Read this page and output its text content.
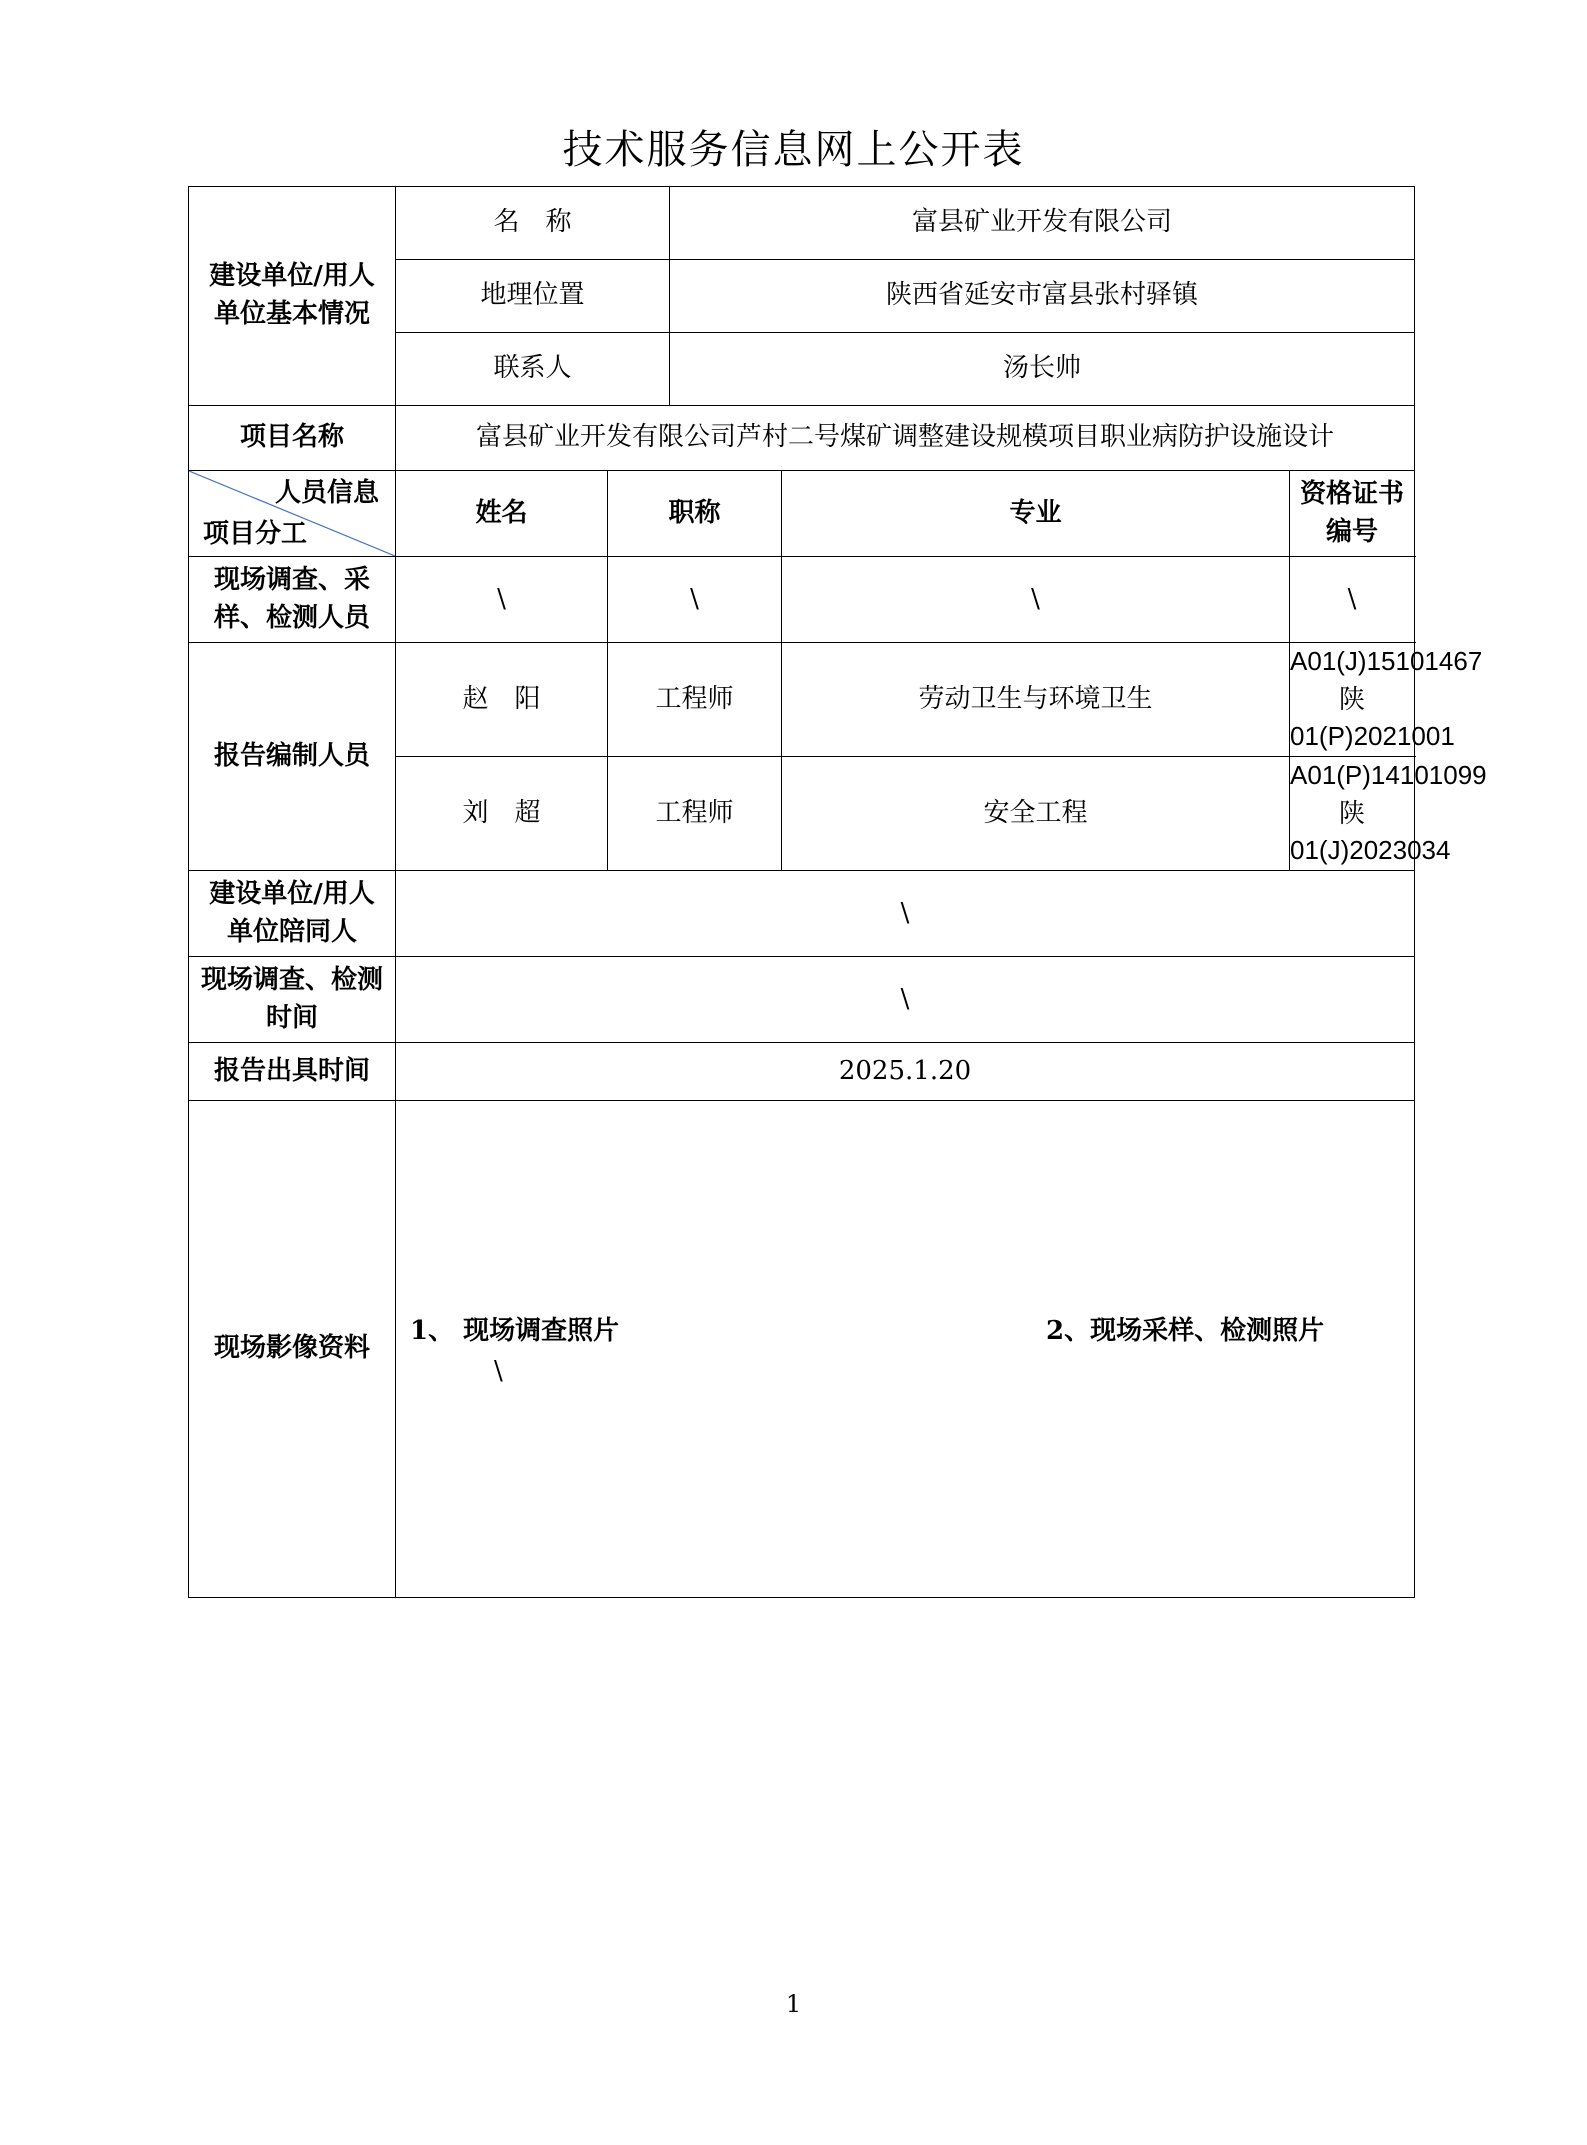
技术服务信息网上公开表
建设单位/用人单位基本情况	名　称		富县矿业开发有限公司		
	地理位置		陕西省延安市富县张村驿镇		
	联系人		汤长帅		
项目名称	富县矿业开发有限公司芦村二号煤矿调整建设规模项目职业病防护设施设计				

人员信息
项目分工	姓名	职称		专业	资格证书编号

现场调查、采样、检测人员	\	\		\	\
报告编制人员	赵　阳	工程师		劳动卫生与环境卫生	A01(J)15101467
陕 01(P)2021001

	刘　超	工程师		安全工程	A01(P)14101099
陕 01(J)2023034

建设单位/用人单位陪同人	\				

现场调查、检测时间	\				
报告出具时间	2025.1.20				
现场影像资料	1、 现场调查照片 2、现场采样、检测照片
\				
1
